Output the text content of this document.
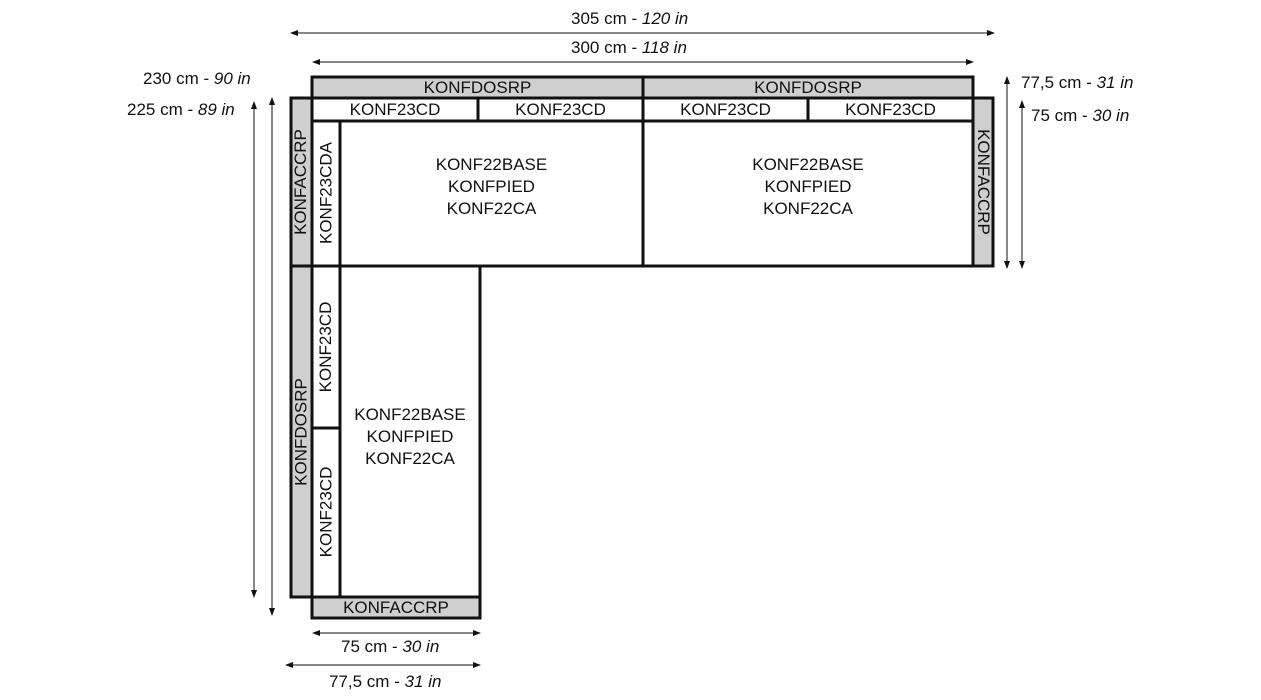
305 cm - 120 in
300 cm - 118 in
230 cm - 90 in
225 cm - 89 in
77,5 cm - 31 in
75 cm - 30 in
75 cm - 30 in
77,5 cm - 31 in
KONFDOSRP	KONFDOSRP
KONF23CD	KONF23CD	KONF23CD	KONF23CD
KONFACCRP
KONF22BASE
KONFPIED
KONF22CA
KONF22BASE
KONFPIED
KONF22CA
KONF22BASE
KONFPIED
KONF22CA
KONFACCRP KONF23CDA
KONFDOSRP
KONF23CD
KONF23CD
KONFACCRP
